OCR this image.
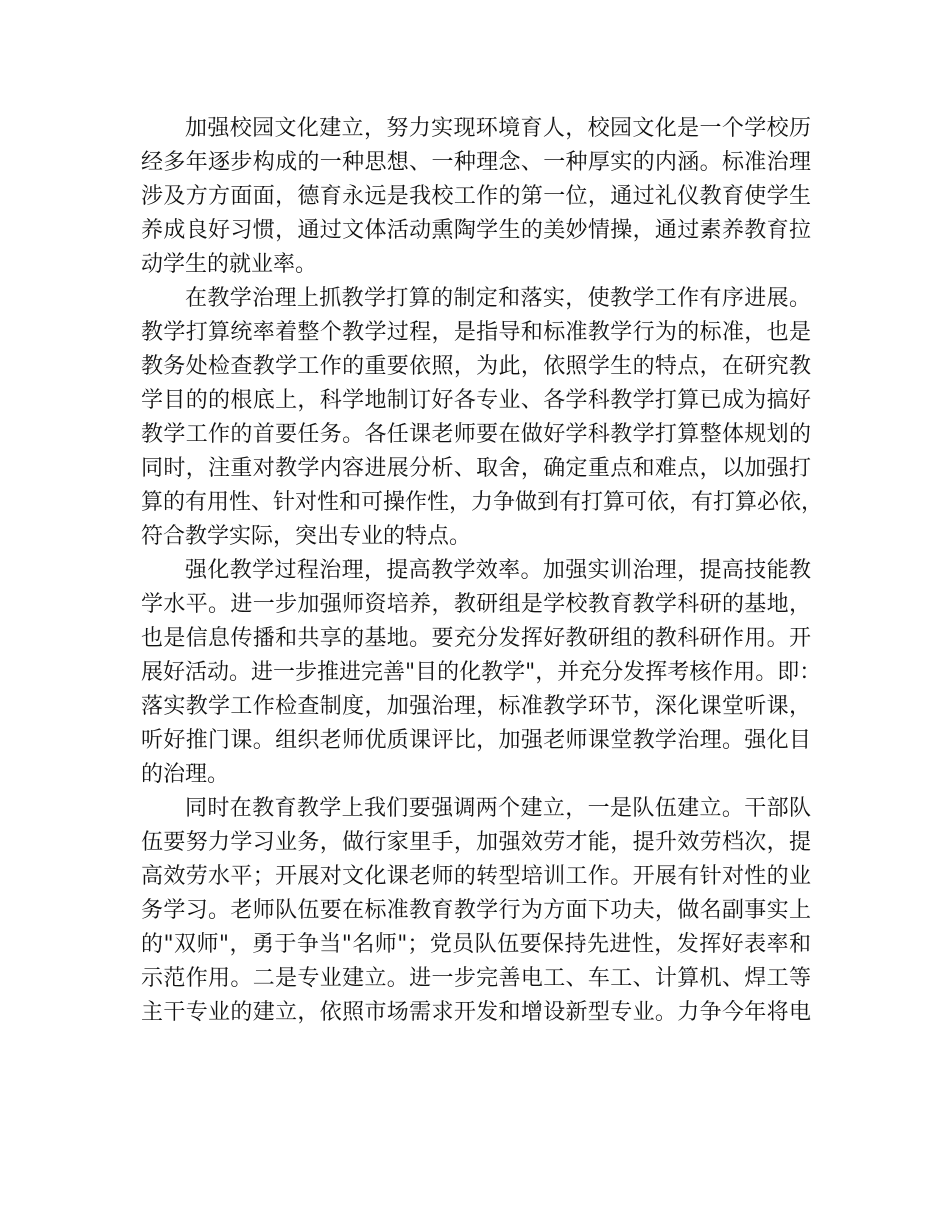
加强校园文化建立，努力实现环境育人，校园文化是一个学校历
经多年逐步构成的一种思想、一种理念、一种厚实的内涵。标准治理
涉及方方面面，德育永远是我校工作的第一位，通过礼仪教育使学生
养成良好习惯，通过文体活动熏陶学生的美妙情操，通过素养教育拉
动学生的就业率。
在教学治理上抓教学打算的制定和落实，使教学工作有序进展。
教学打算统率着整个教学过程，是指导和标准教学行为的标准，也是
教务处检查教学工作的重要依照，为此，依照学生的特点，在研究教
学目的的根底上，科学地制订好各专业、各学科教学打算已成为搞好
教学工作的首要任务。各任课老师要在做好学科教学打算整体规划的
同时，注重对教学内容进展分析、取舍，确定重点和难点，以加强打
算的有用性、针对性和可操作性，力争做到有打算可依，有打算必依，
符合教学实际，突出专业的特点。
强化教学过程治理，提高教学效率。加强实训治理，提高技能教
学水平。进一步加强师资培养，教研组是学校教育教学科研的基地，
也是信息传播和共享的基地。要充分发挥好教研组的教科研作用。开
展好活动。进一步推进完善"目的化教学"，并充分发挥考核作用。即：
落实教学工作检查制度，加强治理，标准教学环节，深化课堂听课，
听好推门课。组织老师优质课评比，加强老师课堂教学治理。强化目
的治理。
同时在教育教学上我们要强调两个建立，一是队伍建立。干部队
伍要努力学习业务，做行家里手，加强效劳才能，提升效劳档次，提
高效劳水平；开展对文化课老师的转型培训工作。开展有针对性的业
务学习。老师队伍要在标准教育教学行为方面下功夫，做名副事实上
的"双师"，勇于争当"名师"；党员队伍要保持先进性，发挥好表率和
示范作用。二是专业建立。进一步完善电工、车工、计算机、焊工等
主干专业的建立，依照市场需求开发和增设新型专业。力争今年将电
